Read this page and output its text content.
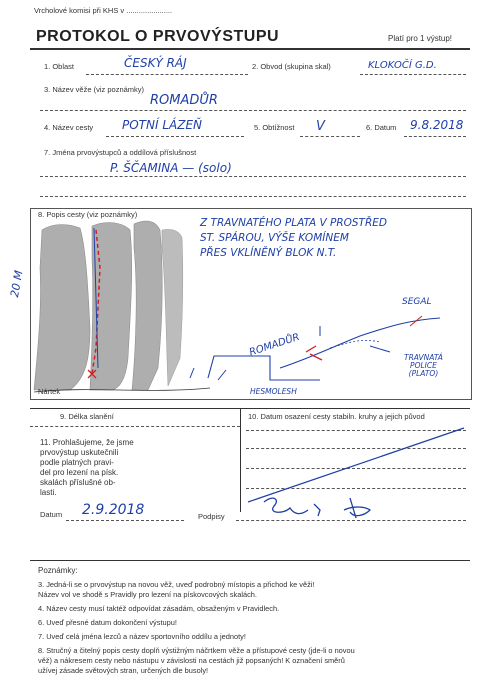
Vrcholové komisi při KHS v ......................
PROTOKOL O PRVOVÝSTUPU	Platí pro 1 výstup!
1. Oblast	ČESKÝ RÁJ	2. Obvod (skupina skal)	KLOKOČÍ G.D.
3. Název věže (viz poznámky)
ROMADŮR
4. Název cesty POTNÍ LÁZEŇ	5. Obtížnost V	6. Datum 9.8.2018
7. Jména prvovýstupců a oddílová příslušnost
P. ŠČAMINA — (solo)
8. Popis cesty (viz poznámky)
20 M
Z TRAVNATÉHO PLATA V PROSTŘED
ST. SPÁROU, VÝŠE KOMÍNEM
PŘES VKLÍNĚNÝ BLOK N.T.
SEGAL
ROMADŮR	TRAVNATÁ
POLICE
(PLATO)
HESMOLESH
Nártek
9. Délka slanění	10. Datum osazení cesty stabiln. kruhy a jejich původ
11. Prohlašujeme, že jsme
prvovýstup uskutečnili
podle platných pravi-
del pro lezení na písk.
skalách příslušné ob-
lasti.
Datum 2.9.2018	Podpisy
Poznámky:
3. Jedná-li se o prvovýstup na novou věž, uveď podrobný místopis a přichod ke věži!
Název vol ve shodě s Pravidly pro lezení na pískovcových skalách.
4. Název cesty musí taktéž odpovídat zásadám, obsaženým v Pravidlech.
6. Uveď přesné datum dokončení výstupu!
7. Uveď celá jména lezců a název sportovního oddílu a jednoty!
8. Stručný a čitelný popis cesty doplň výstižným náčrtkem věže a přístupové cesty (jde-li o novou
věž) a nákresem cesty nebo nástupu v závislosti na cestách již popsaných! K označení směrů
užívej zásade světových stran, určených dle busoly!
